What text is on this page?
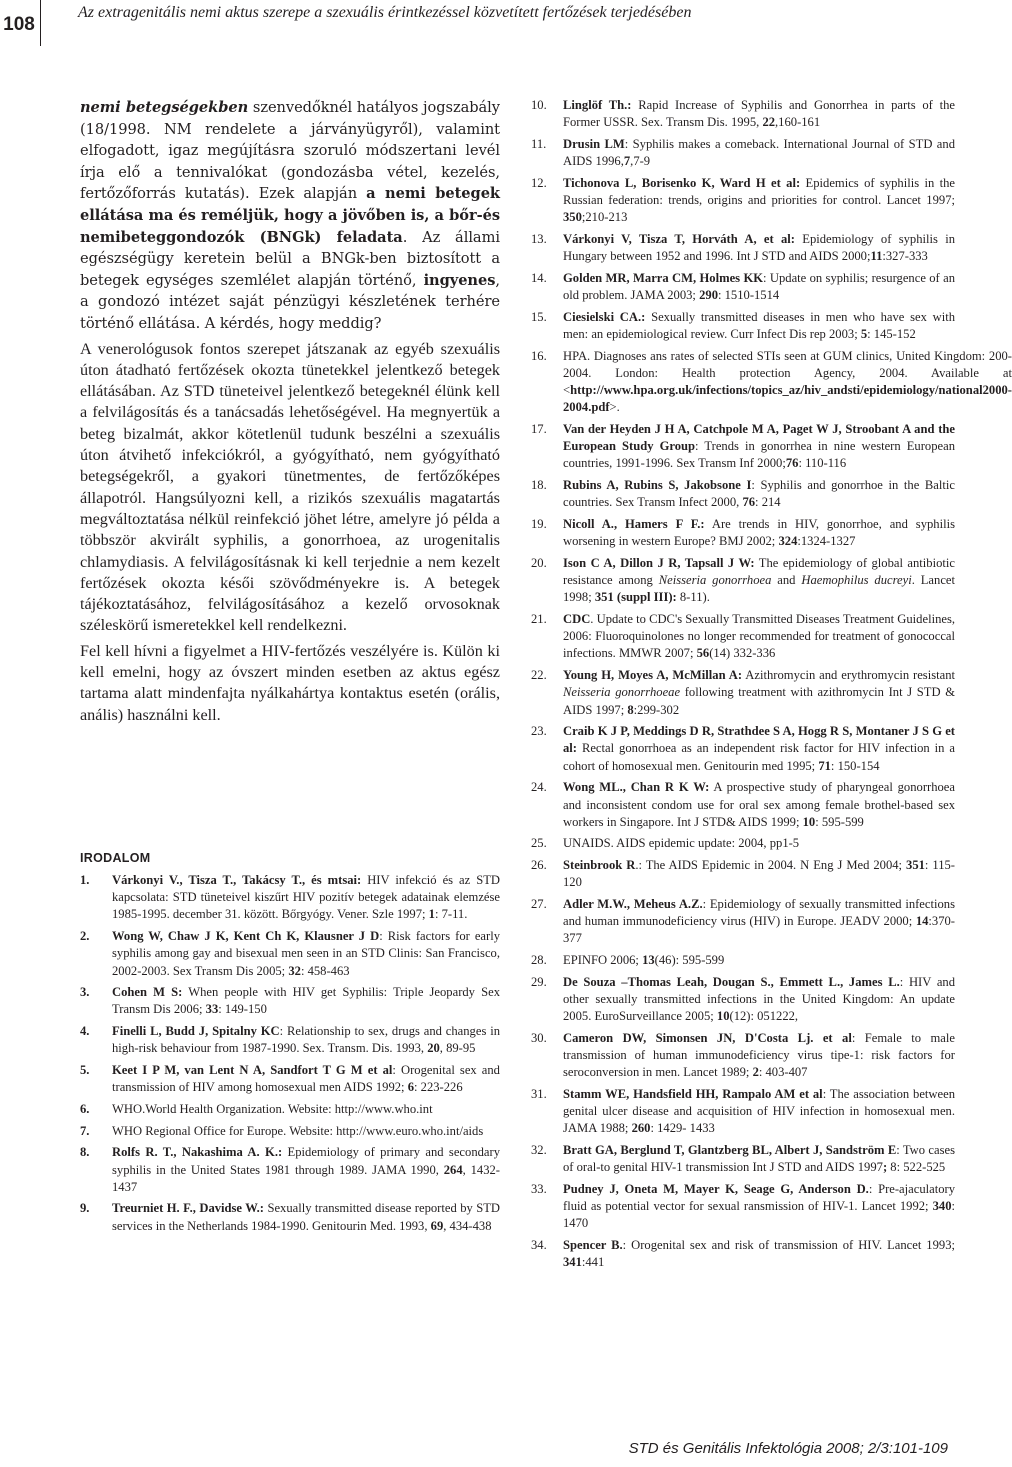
108
Az extragenitális nemi aktus szerepe a szexuális érintkezéssel közvetített fertőzések terjedésében

nemi betegségekben szenvedőknél hatályos jogszabály (18/1998. NM rendelete a járványügyről), valamint elfogadott, igaz megújításra szoruló módszertani levél írja elő a tennivalókat (gondozásba vétel, kezelés, fertőzőforrás kutatás). Ezek alapján a nemi betegek ellátása ma és reméljük, hogy a jövőben is, a bőr-és nemibeteggondozók (BNGk) feladata. Az állami egészségügy keretein belül a BNGk-ben biztosított a betegek egységes szemlélet alapján történő, ingyenes, a gondozó intézet saját pénzügyi készletének terhére történő ellátása. A kérdés, hogy meddig?

A venerológusok fontos szerepet játszanak az egyéb szexuális úton átadható fertőzések okozta tünetekkel jelentkező betegek ellátásában. Az STD tüneteivel jelentkező betegeknél élünk kell a felvilágosítás és a tanácsadás lehetőségével. Ha megnyertük a beteg bizalmát, akkor kötetlenül tudunk beszélni a szexuális úton átvihető infekciókról, a gyógyítható, nem gyógyítható betegségekről, a gyakori tünetmentes, de fertőzőképes állapotról. Hangsúlyozni kell, a rizikós szexuális magatartás megváltoztatása nélkül reinfekció jöhet létre, amelyre jó példa a többször akvirált syphilis, a gonorrhoea, az urogenitalis chlamydiasis. A felvilágosításnak ki kell terjednie a nem kezelt fertőzések okozta késői szövődményekre is. A betegek tájékoztatásához, felvilágosításához a kezelő orvosoknak széleskörű ismeretekkel kell rendelkezni.

Fel kell hívni a figyelmet a HIV-fertőzés veszélyére is. Külön ki kell emelni, hogy az óvszert minden esetben az aktus egész tartama alatt mindenfajta nyálkahártya kontaktus esetén (orális, anális) használni kell.

IRODALOM
1.	Várkonyi V., Tisza T., Takácsy T., és mtsai: HIV infekció és az STD kapcsolata: STD tüneteivel kiszűrt HIV pozitív betegek adatainak elemzése 1985-1995. december 31. között. Bőrgyógy. Vener. Szle 1997; 1: 7-11.
2.	Wong W, Chaw J K, Kent Ch K, Klausner J D: Risk factors for early syphilis among gay and bisexual men seen in an STD Clinis: San Francisco, 2002-2003. Sex Transm Dis 2005; 32: 458-463
3.	Cohen M S: When people with HIV get Syphilis: Triple Jeopardy Sex Transm Dis 2006; 33: 149-150
4.	Finelli L, Budd J, Spitalny KC: Relationship to sex, drugs and changes in high-risk behaviour from 1987-1990. Sex. Transm. Dis. 1993, 20, 89-95
5.	Keet I P M, van Lent N A, Sandfort T G M et al: Orogenital sex and transmission of HIV among homosexual men AIDS 1992; 6: 223-226
6.	WHO.World Health Organization. Website: http://www.who.int
7.	WHO Regional Office for Europe. Website: http://www.euro.who.int/aids
8.	Rolfs R. T., Nakashima A. K.: Epidemiology of primary and secondary syphilis in the United States 1981 through 1989. JAMA 1990, 264, 1432-1437
9.	Treurniet H. F., Davidse W.: Sexually transmitted disease reported by STD services in the Netherlands 1984-1990. Genitourin Med. 1993, 69, 434-438
10.	Linglöf Th.: Rapid Increase of Syphilis and Gonorrhea in parts of the Former USSR. Sex. Transm Dis. 1995, 22,160-161
11.	Drusin LM: Syphilis makes a comeback. International Journal of STD and AIDS 1996,7,7-9
12.	Tichonova L, Borisenko K, Ward H et al: Epidemics of syphilis in the Russian federation: trends, origins and priorities for control. Lancet 1997; 350;210-213
13.	Várkonyi V, Tisza T, Horváth A, et al: Epidemiology of syphilis in Hungary between 1952 and 1996. Int J STD and AIDS 2000;11:327-333
14.	Golden MR, Marra CM, Holmes KK: Update on syphilis; resurgence of an old problem. JAMA 2003; 290: 1510-1514
15.	Ciesielski CA.: Sexually transmitted diseases in men who have sex with men: an epidemiological review. Curr Infect Dis rep 2003; 5: 145-152
16.	HPA. Diagnoses ans rates of selected STIs seen at GUM clinics, United Kingdom: 200-2004. London: Health protection Agency, 2004. Available at <http://www.hpa.org.uk/infections/topics_az/hiv_andsti/epidemiology/national2000-2004.pdf>.
17.	Van der Heyden J H A, Catchpole M A, Paget W J, Stroobant A and the European Study Group: Trends in gonorrhea in nine western European countries, 1991-1996. Sex Transm Inf 2000;76: 110-116
18.	Rubins A, Rubins S, Jakobsone I: Syphilis and gonorrhoe in the Baltic countries. Sex Transm Infect 2000, 76: 214
19.	Nicoll A., Hamers F F.: Are trends in HIV, gonorrhoe, and syphilis worsening in western Europe? BMJ 2002; 324:1324-1327
20.	Ison C A, Dillon J R, Tapsall J W: The epidemiology of global antibiotic resistance among Neisseria gonorrhoea and Haemophilus ducreyi. Lancet 1998; 351 (suppl III): 8-11).
21.	CDC. Update to CDC's Sexually Transmitted Diseases Treatment Guidelines, 2006: Fluoroquinolones no longer recommended for treatment of gonococcal infections. MMWR 2007; 56(14) 332-336
22.	Young H, Moyes A, McMillan A: Azithromycin and erythromycin resistant Neisseria gonorrhoeae following treatment with azithromycin Int J STD & AIDS 1997; 8:299-302
23.	Craib K J P, Meddings D R, Strathdee S A, Hogg R S, Montaner J S G et al: Rectal gonorrhoea as an independent risk factor for HIV infection in a cohort of homosexual men. Genitourin med 1995; 71: 150-154
24.	Wong ML., Chan R K W: A prospective study of pharyngeal gonorrhoea and inconsistent condom use for oral sex among female brothel-based sex workers in Singapore. Int J STD& AIDS 1999; 10: 595-599
25.	UNAIDS. AIDS epidemic update: 2004, pp1-5
26.	Steinbrook R.: The AIDS Epidemic in 2004. N Eng J Med 2004; 351: 115-120
27.	Adler M.W., Meheus A.Z.: Epidemiology of sexually transmitted infections and human immunodeficiency virus (HIV) in Europe. JEADV 2000; 14:370-377
28.	EPINFO 2006; 13(46): 595-599
29.	De Souza –Thomas Leah, Dougan S., Emmett L., James L.: HIV and other sexually transmitted infections in the United Kingdom: An update 2005. EuroSurveillance 2005; 10(12): 051222,
30.	Cameron DW, Simonsen JN, D'Costa Lj. et al: Female to male transmission of human immunodeficiency virus tipe-1: risk factors for seroconversion in men. Lancet 1989; 2: 403-407
31.	Stamm WE, Handsfield HH, Rampalo AM et al: The association between genital ulcer disease and acquisition of HIV infection in homosexual men. JAMA 1988; 260: 1429- 1433
32.	Bratt GA, Berglund T, Glantzberg BL, Albert J, Sandström E: Two cases of oral-to genital HIV-1 transmission Int J STD and AIDS 1997; 8: 522-525
33.	Pudney J, Oneta M, Mayer K, Seage G, Anderson D.: Pre-ajaculatory fluid as potential vector for sexual ransmission of HIV-1. Lancet 1992; 340: 1470
34.	Spencer B.: Orogenital sex and risk of transmission of HIV. Lancet 1993; 341:441
STD és Genitális Infektológia 2008; 2/3:101-109
